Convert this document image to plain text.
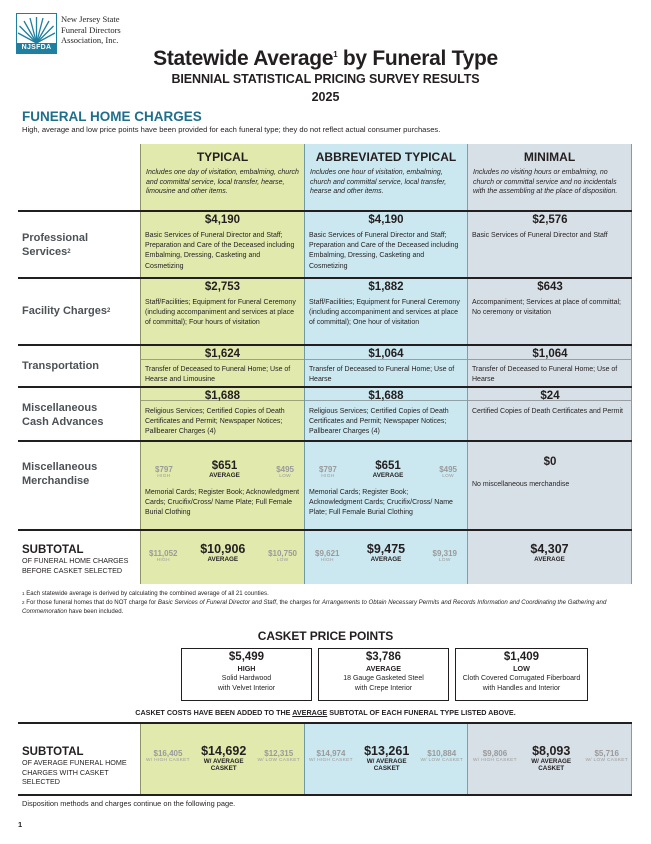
NJSFDA
New Jersey State
Funeral Directors
Association, Inc.
Statewide Average$^1$ by Funeral Type
BIENNIAL STATISTICAL PRICING SURVEY RESULTS
2025
FUNERAL HOME CHARGES
High, average and low price points have been provided for each funeral type; they do not reflect actual consumer purchases.
TYPICAL
Includes one day of visitation, embalming, church and committal service, local transfer, hearse, limousine and other items.
ABBREVIATED TYPICAL
Includes one hour of visitation, embalming, church and committal service, local transfer, hearse and other items.
MINIMAL
Includes no visiting hours or embalming, no church or committal service and no incidentals with the assembling at the place of disposition.
Professional
Services$^2$
Facility Charges$^2$
Transportation
Miscellaneous
Cash Advances
Miscellaneous
Merchandise
$4,190
Basic Services of Funeral Director and Staff; Preparation and Care of the Deceased including Embalming, Dressing, Casketing and Cosmetizing
$2,753
Staff/Facilities; Equipment for Funeral Ceremony (including accompaniment and services at place of committal); Four hours of visitation
$1,624
Transfer of Deceased to Funeral Home; Use of Hearse and Limousine
$1,688
Religious Services; Certified Copies of Death Certificates and Permit; Newspaper Notices; Pallbearer Charges (4)
$797
HIGH
$651
AVERAGE
$495
LOW
Memorial Cards; Register Book; Acknowledgment Cards; Crucifix/Cross/ Name Plate; Full Female Burial Clothing
$4,190
Basic Services of Funeral Director and Staff; Preparation and Care of the Deceased including Embalming, Dressing, Casketing and Cosmetizing
$1,882
Staff/Facilities; Equipment for Funeral Ceremony (including accompaniment and services at place of committal); One hour of visitation
$1,064
Transfer of Deceased to Funeral Home; Use of Hearse
$1,688
Religious Services; Certified Copies of Death Certificates and Permit; Newspaper Notices; Pallbearer Charges (4)
$797
HIGH
$651
AVERAGE
$495
LOW
Memorial Cards; Register Book; Acknowledgment Cards; Crucifix/Cross/ Name Plate; Full Female Burial Clothing
$2,576
Basic Services of Funeral Director and Staff
$643
Accompaniment; Services at place of committal; No ceremony or visitation
$1,064
Transfer of Deceased to Funeral Home; Use of Hearse
$24
Certified Copies of Death Certificates and Permit
$0
No miscellaneous merchandise
SUBTOTAL
OF FUNERAL HOME CHARGES BEFORE CASKET SELECTED
$11,052
HIGH
$10,906
AVERAGE
$10,750
LOW
$9,621
HIGH
$9,475
AVERAGE
$9,319
LOW
$4,307
AVERAGE
$^1$ Each statewide average is derived by calculating the combined average of all 21 counties.
$^2$ For those funeral homes that do NOT charge for Basic Services of Funeral Director and Staff, the charges for Arrangements to Obtain Necessary Permits and Records Information and Coordinating the Gathering and Commemoration have been included.
CASKET PRICE POINTS
$5,499
HIGH
Solid Hardwood
with Velvet Interior
$3,786
AVERAGE
18 Gauge Gasketed Steel
with Crepe Interior
$1,409
LOW
Cloth Covered Corrugated Fiberboard
with Handles and Interior
CASKET COSTS HAVE BEEN ADDED TO THE AVERAGE SUBTOTAL OF EACH FUNERAL TYPE LISTED ABOVE.
SUBTOTAL
OF AVERAGE FUNERAL HOME CHARGES WITH CASKET SELECTED
$16,405
W/ HIGH CASKET
$14,692
W/ AVERAGE CASKET
$12,315
W/ LOW CASKET
$14,974
W/ HIGH CASKET
$13,261
W/ AVERAGE CASKET
$10,884
W/ LOW CASKET
$9,806
W/ HIGH CASKET
$8,093
W/ AVERAGE CASKET
$5,716
W/ LOW CASKET
Disposition methods and charges continue on the following page.
1
